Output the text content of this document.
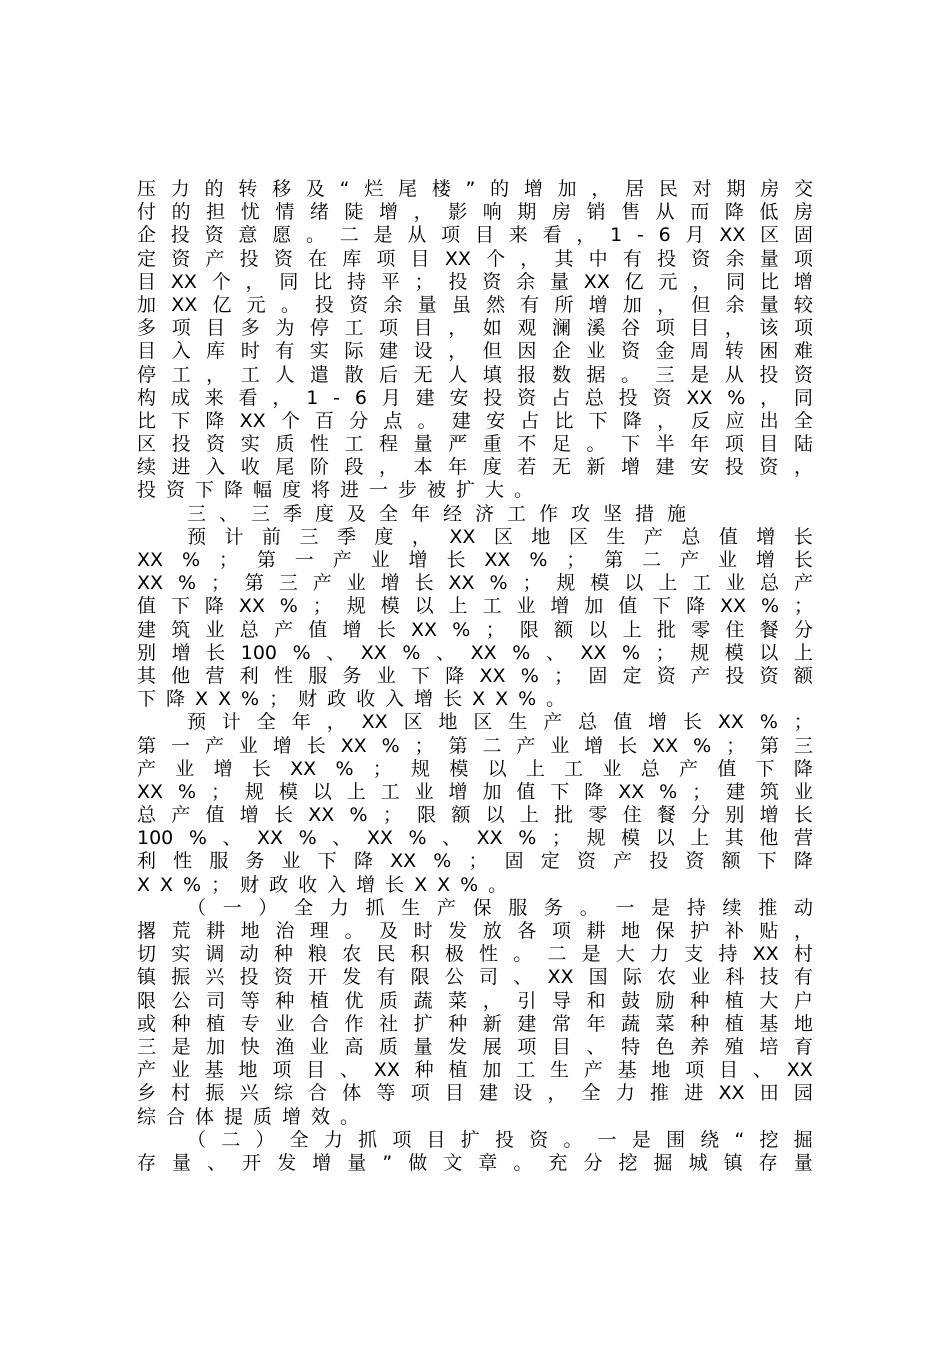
压 力 的 转 移 及 “ 烂 尾 楼 ” 的 增 加 ， 居 民 对 期 房 交
付 的 担 忧 情 绪 陡 增 ， 影 响 期 房 销 售 从 而 降 低 房
企 投 资 意 愿 。 二 是 从 项 目 来 看 ， 1 - 6 月 XX 区 固
定 资 产 投 资 在 库 项 目 XX 个 ， 其 中 有 投 资 余 量 项
目 XX 个 ， 同 比 持 平 ； 投 资 余 量 XX 亿 元 ， 同 比 增
加 XX 亿 元 。 投 资 余 量 虽 然 有 所 增 加 ， 但 余 量 较
多 项 目 多 为 停 工 项 目 ， 如 观 澜 溪 谷 项 目 ， 该 项
目 入 库 时 有 实 际 建 设 ， 但 因 企 业 资 金 周 转 困 难
停 工 ， 工 人 遣 散 后 无 人 填 报 数 据 。 三 是 从 投 资
构 成 来 看 ， 1 - 6 月 建 安 投 资 占 总 投 资 XX % ， 同
比 下 降 XX 个 百 分 点 。 建 安 占 比 下 降 ， 反 应 出 全
区 投 资 实 质 性 工 程 量 严 重 不 足 。 下 半 年 项 目 陆
续 进 入 收 尾 阶 段 ， 本 年 度 若 无 新 增 建 安 投 资 ，
投资下降幅度将进一步被扩大。
三、三季度及全年经济工作攻坚措施
预 计 前 三 季 度 ， XX 区 地 区 生 产 总 值 增 长
XX % ； 第 一 产 业 增 长 XX % ； 第 二 产 业 增 长
XX % ； 第 三 产 业 增 长 XX % ； 规 模 以 上 工 业 总 产
值 下 降 XX % ； 规 模 以 上 工 业 增 加 值 下 降 XX % ；
建 筑 业 总 产 值 增 长 XX % ； 限 额 以 上 批 零 住 餐 分
别 增 长 100 % 、 XX % 、 XX % 、 XX % ； 规 模 以 上
其 他 营 利 性 服 务 业 下 降 XX % ； 固 定 资 产 投 资 额
下降XX%；财政收入增长XX%。
预 计 全 年 ， XX 区 地 区 生 产 总 值 增 长 XX % ；
第 一 产 业 增 长 XX % ； 第 二 产 业 增 长 XX % ； 第 三
产 业 增 长 XX % ； 规 模 以 上 工 业 总 产 值 下 降
XX % ； 规 模 以 上 工 业 增 加 值 下 降 XX % ； 建 筑 业
总 产 值 增 长 XX % ； 限 额 以 上 批 零 住 餐 分 别 增 长
100 % 、 XX % 、 XX % 、 XX % ； 规 模 以 上 其 他 营
利 性 服 务 业 下 降 XX % ； 固 定 资 产 投 资 额 下 降
XX%；财政收入增长XX%。
（ 一 ） 全 力 抓 生 产 保 服 务 。 一 是 持 续 推 动
撂 荒 耕 地 治 理 。 及 时 发 放 各 项 耕 地 保 护 补 贴 ，
切 实 调 动 种 粮 农 民 积 极 性 。 二 是 大 力 支 持 XX 村
镇 振 兴 投 资 开 发 有 限 公 司 、 XX 国 际 农 业 科 技 有
限 公 司 等 种 植 优 质 蔬 菜 ， 引 导 和 鼓 励 种 植 大 户
或 种 植 专 业 合 作 社 扩 种 新 建 常 年 蔬 菜 种 植 基 地
三 是 加 快 渔 业 高 质 量 发 展 项 目 、 特 色 养 殖 培 育
产 业 基 地 项 目 、 XX 种 植 加 工 生 产 基 地 项 目 、 XX
乡 村 振 兴 综 合 体 等 项 目 建 设 ， 全 力 推 进 XX 田 园
综合体提质增效。
（ 二 ） 全 力 抓 项 目 扩 投 资 。 一 是 围 绕 “ 挖 掘
存 量 、 开 发 增 量 ” 做 文 章 。 充 分 挖 掘 城 镇 存 量
